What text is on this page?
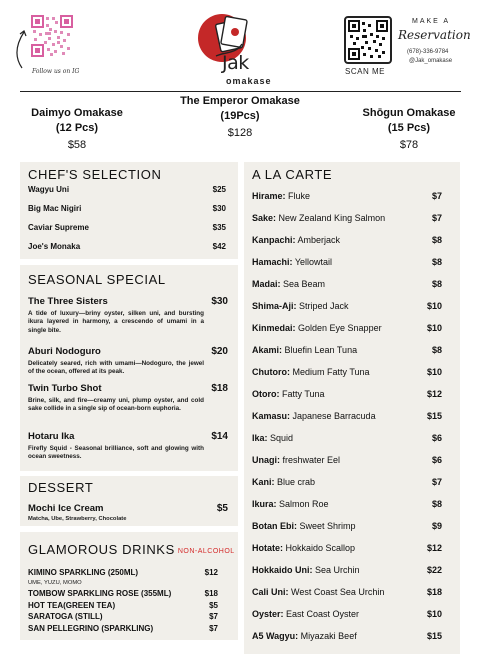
Follow us on IG	Jak
omakase
SCAN ME
MAKE A
Reservation
(678)-336-9784
@Jak_omakase
Daimyo Omakase
(12 Pcs)
$58
The Emperor Omakase
(19Pcs)
$128
Shōgun Omakase
(15 Pcs)
$78
CHEF'S SELECTION
Wagyu Uni	$25
Big Mac Nigiri	$30
Caviar Supreme	$35
Joe's Monaka	$42
SEASONAL SPECIAL
The Three Sisters	$30
A tide of luxury—briny oyster, silken uni, and bursting ikura layered in harmony, a crescendo of umami in a single bite.
Aburi Nodoguro	$20
Delicately seared, rich with umami—Nodoguro, the jewel of the ocean, offered at its peak.
Twin Turbo Shot	$18
Brine, silk, and fire—creamy uni, plump oyster, and cold sake collide in a single sip of ocean-born euphoria.
Hotaru Ika	$14
Firefly Squid - Seasonal brilliance, soft and glowing with ocean sweetness.
DESSERT
Mochi Ice Cream	$5
Matcha, Ube, Strawberry, Chocolate
GLAMOROUS DRINKS NON-ALCOHOL
KIMINO SPARKLING (250ML)	$12
UME, YUZU, MOMO
TOMBOW SPARKLING ROSE (355ML)	$18
HOT TEA(GREEN TEA)	$5
SARATOGA (STILL)	$7
SAN PELLEGRINO (SPARKLING)	$7
A LA CARTE
Hirame: Fluke	$7
Sake: New Zealand King Salmon	$7
Kanpachi: Amberjack	$8
Hamachi: Yellowtail	$8
Madai: Sea Beam	$8
Shima-Aji: Striped Jack	$10
Kinmedai: Golden Eye Snapper	$10
Akami: Bluefin Lean Tuna	$8
Chutoro: Medium Fatty Tuna	$10
Otoro: Fatty Tuna	$12
Kamasu: Japanese Barracuda	$15
Ika: Squid	$6
Unagi: freshwater Eel	$6
Kani: Blue crab	$7
Ikura: Salmon Roe	$8
Botan Ebi: Sweet Shrimp	$9
Hotate: Hokkaido Scallop	$12
Hokkaido Uni: Sea Urchin	$22
Cali Uni: West Coast Sea Urchin	$18
Oyster: East Coast Oyster	$10
A5 Wagyu: Miyazaki Beef	$15
